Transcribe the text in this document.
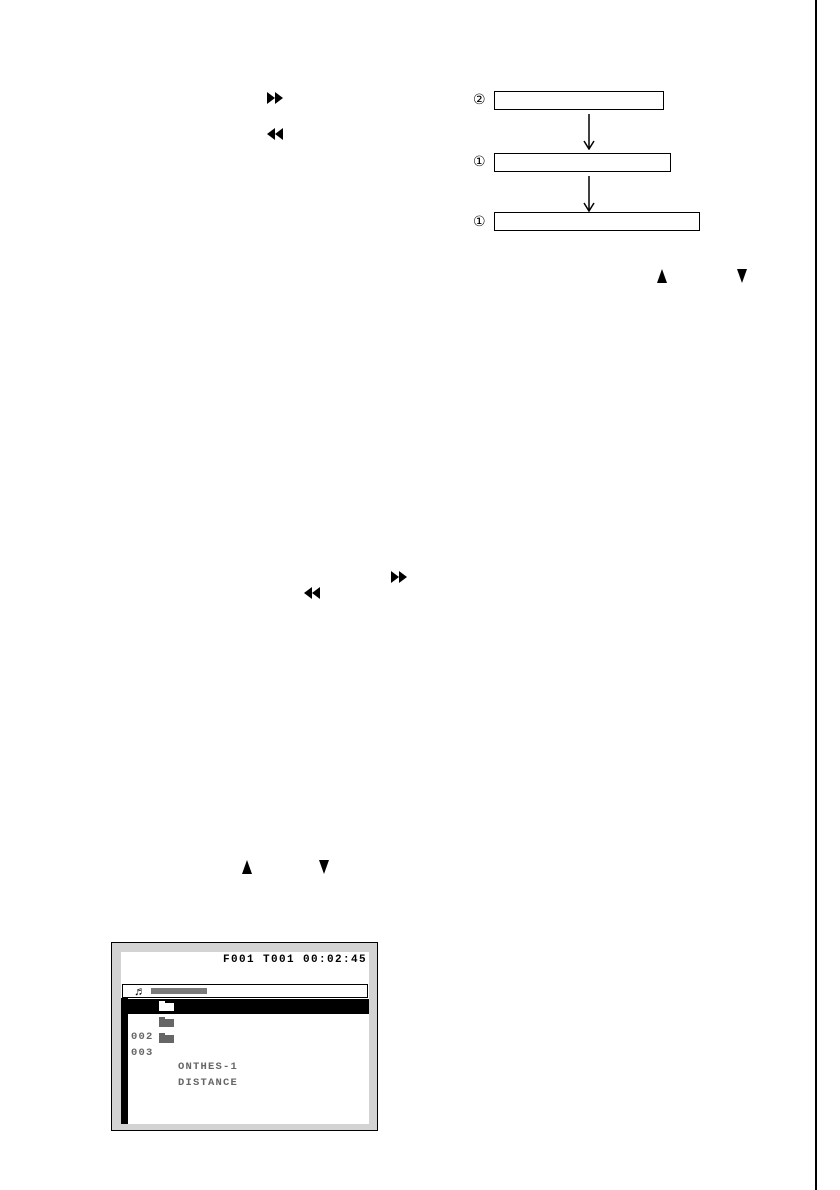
②
①
①
F001 T001 00:02:45
♬

001

MASTER FOLDER

002

ONTHES-1

003

DISTANCE
